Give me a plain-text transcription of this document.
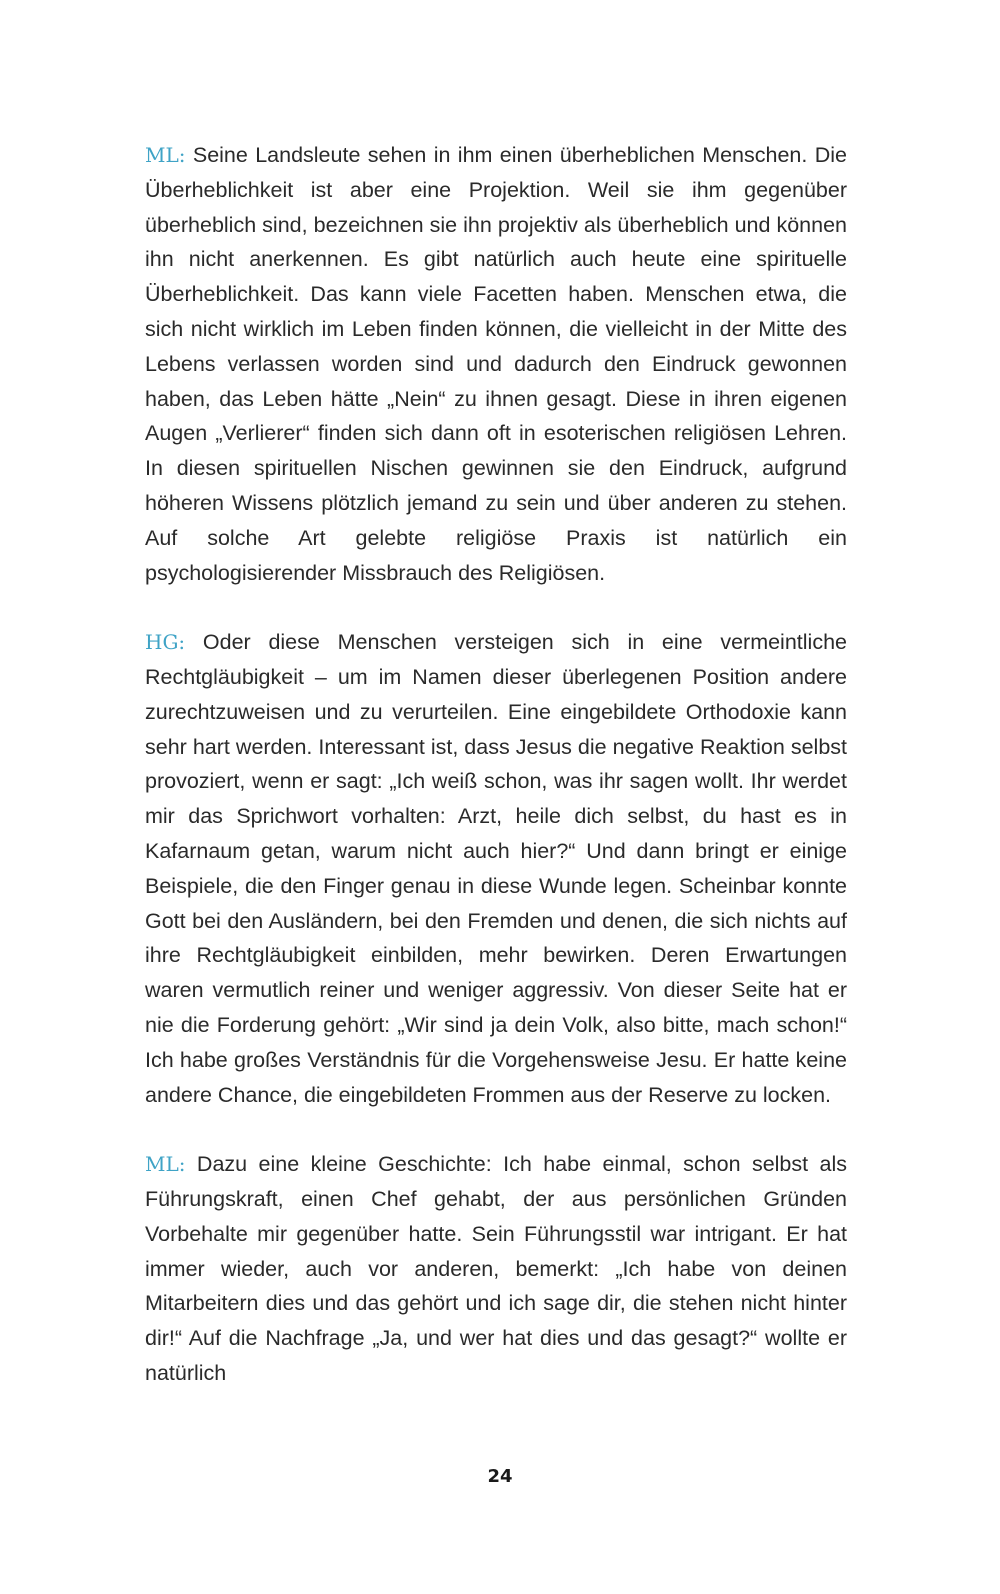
ML: Seine Landsleute sehen in ihm einen überheblichen Menschen. Die Überheblichkeit ist aber eine Projektion. Weil sie ihm gegenüber überheblich sind, bezeichnen sie ihn projektiv als überheblich und können ihn nicht anerkennen. Es gibt natürlich auch heute eine spirituelle Überheblichkeit. Das kann viele Facetten haben. Menschen etwa, die sich nicht wirklich im Leben finden können, die vielleicht in der Mitte des Lebens verlassen worden sind und dadurch den Eindruck gewonnen haben, das Leben hätte „Nein“ zu ihnen gesagt. Diese in ihren eigenen Augen „Verlierer“ finden sich dann oft in esoterischen religiösen Lehren. In diesen spirituellen Nischen gewinnen sie den Eindruck, aufgrund höheren Wissens plötzlich jemand zu sein und über anderen zu stehen. Auf solche Art gelebte religiöse Praxis ist natürlich ein psychologisierender Missbrauch des Religiösen.

HG: Oder diese Menschen versteigen sich in eine vermeintliche Rechtgläubigkeit – um im Namen dieser überlegenen Position andere zurechtzuweisen und zu verurteilen. Eine eingebildete Orthodoxie kann sehr hart werden. Interessant ist, dass Jesus die negative Reaktion selbst provoziert, wenn er sagt: „Ich weiß schon, was ihr sagen wollt. Ihr werdet mir das Sprichwort vorhalten: Arzt, heile dich selbst, du hast es in Kafarnaum getan, warum nicht auch hier?“ Und dann bringt er einige Beispiele, die den Finger genau in diese Wunde legen. Scheinbar konnte Gott bei den Ausländern, bei den Fremden und denen, die sich nichts auf ihre Rechtgläubigkeit einbilden, mehr bewirken. Deren Erwartungen waren vermutlich reiner und weniger aggressiv. Von dieser Seite hat er nie die Forderung gehört: „Wir sind ja dein Volk, also bitte, mach schon!“ Ich habe großes Verständnis für die Vorgehensweise Jesu. Er hatte keine andere Chance, die eingebildeten Frommen aus der Reserve zu locken.

ML: Dazu eine kleine Geschichte: Ich habe einmal, schon selbst als Führungskraft, einen Chef gehabt, der aus persönlichen Gründen Vorbehalte mir gegenüber hatte. Sein Führungsstil war intrigant. Er hat immer wieder, auch vor anderen, bemerkt: „Ich habe von deinen Mitarbeitern dies und das gehört und ich sage dir, die stehen nicht hinter dir!“ Auf die Nachfrage „Ja, und wer hat dies und das gesagt?“ wollte er natürlich

24
